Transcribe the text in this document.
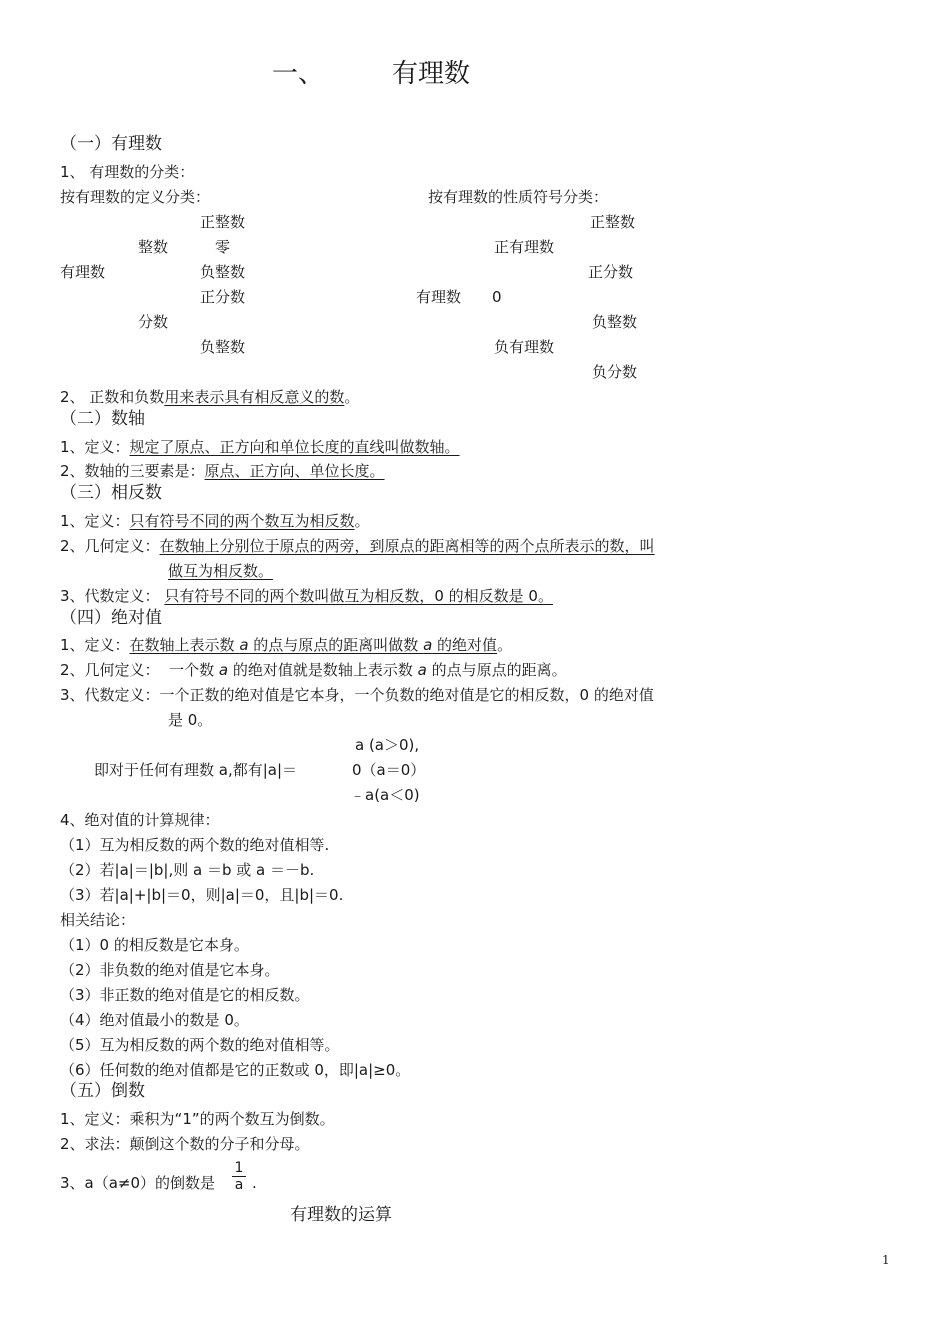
一、	有理数
（一）有理数
1、 有理数的分类：
按有理数的定义分类：	按有理数的性质符号分类：
正整数
整数	零
有理数	负整数
正分数
分数
负整数
正整数
正有理数
正分数
有理数 0
负整数
负有理数
负分数
2、 正数和负数用来表示具有相反意义的数。
（二）数轴
1、定义：规定了原点、正方向和单位长度的直线叫做数轴。
2、数轴的三要素是：原点、正方向、单位长度。
（三）相反数
1、定义：只有符号不同的两个数互为相反数。
2、几何定义：在数轴上分别位于原点的两旁，到原点的距离相等的两个点所表示的数，叫
做互为相反数。
3、代数定义： 只有符号不同的两个数叫做互为相反数，0 的相反数是 0。
（四）绝对值
1、定义：在数轴上表示数 a 的点与原点的距离叫做数 a 的绝对值。
2、几何定义： 一个数 a 的绝对值就是数轴上表示数 a 的点与原点的距离。
3、代数定义：一个正数的绝对值是它本身，一个负数的绝对值是它的相反数，0 的绝对值
是 0。
即对于任何有理数 a,都有|a|＝
a (a＞0),
0（a＝0）
﹣a(a＜0)
4、绝对值的计算规律：
（1）互为相反数的两个数的绝对值相等.
（2）若|a|＝|b|,则 a ＝b 或 a ＝－b.
（3）若|a|+|b|＝0，则|a|＝0，且|b|＝0.
相关结论：
（1）0 的相反数是它本身。
（2）非负数的绝对值是它本身。
（3）非正数的绝对值是它的相反数。
（4）绝对值最小的数是 0。
（5）互为相反数的两个数的绝对值相等。
（6）任何数的绝对值都是它的正数或 0，即|a|≥0。
（五）倒数
1、定义：乘积为“1”的两个数互为倒数。
2、求法：颠倒这个数的分子和分母。
3、a（a≠0）的倒数是 $\frac{1}{a}$ .
有理数的运算
1
